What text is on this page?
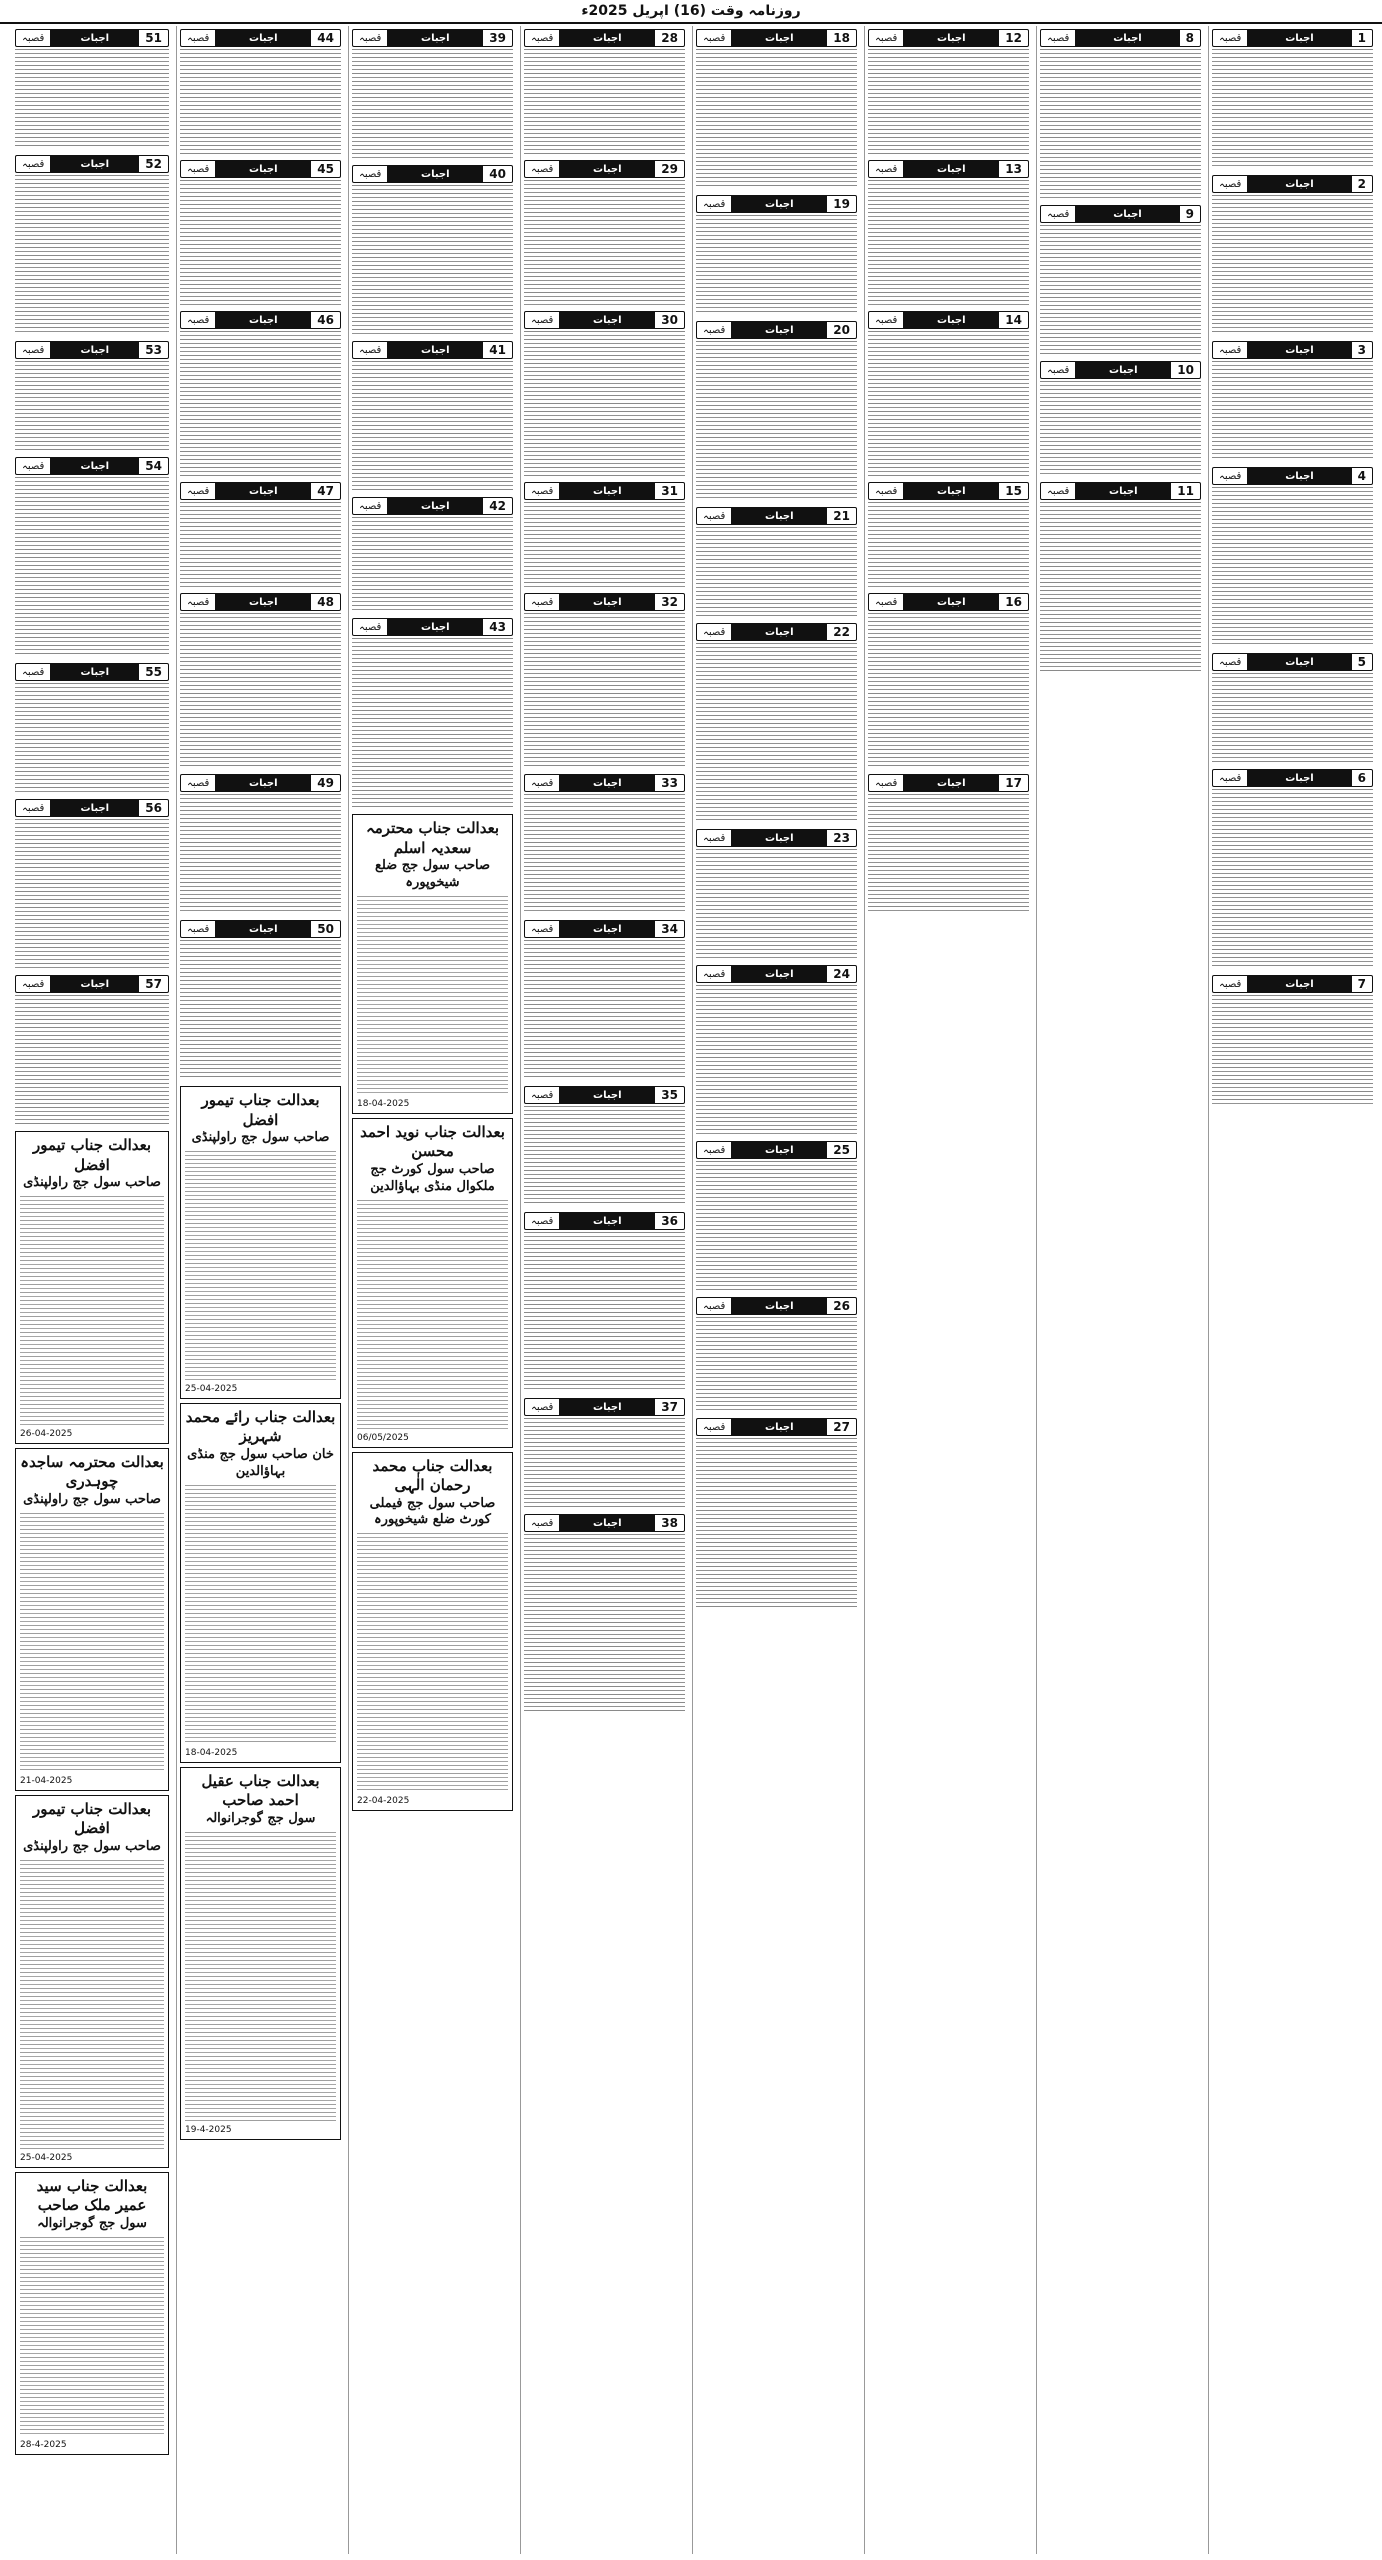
روزنامہ وقت (16) اپریل 2025ء
1
اجبات
قصبہ
2
اجبات
قصبہ
3
اجبات
قصبہ
4
اجبات
قصبہ
5
اجبات
قصبہ
6
اجبات
قصبہ
7
اجبات
قصبہ
8
اجبات
قصبہ
9
اجبات
قصبہ
10
اجبات
قصبہ
11
اجبات
قصبہ
12
اجبات
قصبہ
13
اجبات
قصبہ
14
اجبات
قصبہ
15
اجبات
قصبہ
16
اجبات
قصبہ
17
اجبات
قصبہ
18
اجبات
قصبہ
19
اجبات
قصبہ
20
اجبات
قصبہ
21
اجبات
قصبہ
22
اجبات
قصبہ
23
اجبات
قصبہ
24
اجبات
قصبہ
25
اجبات
قصبہ
26
اجبات
قصبہ
27
اجبات
قصبہ
28
اجبات
قصبہ
29
اجبات
قصبہ
30
اجبات
قصبہ
31
اجبات
قصبہ
32
اجبات
قصبہ
33
اجبات
قصبہ
34
اجبات
قصبہ
35
اجبات
قصبہ
36
اجبات
قصبہ
37
اجبات
قصبہ
38
اجبات
قصبہ
39
اجبات
قصبہ
40
اجبات
قصبہ
41
اجبات
قصبہ
42
اجبات
قصبہ
43
اجبات
قصبہ
بعدالت جناب محترمہ سعدیہ اسلم
صاحب سول جج ضلع شیخوپورہ
18-04-2025
بعدالت جناب نوید احمد محسن
صاحب سول کورٹ جج ملکوال منڈی بہاؤالدین
06/05/2025
بعدالت جناب محمد رحمان الٰہی
صاحب سول جج فیملی کورٹ ضلع شیخوپورہ
22-04-2025
44
اجبات
قصبہ
45
اجبات
قصبہ
46
اجبات
قصبہ
47
اجبات
قصبہ
48
اجبات
قصبہ
49
اجبات
قصبہ
50
اجبات
قصبہ
بعدالت جناب تیمور افضل
صاحب سول جج راولپنڈی
25-04-2025
بعدالت جناب رائے محمد شہریز
خان صاحب سول جج منڈی بہاؤالدین
18-04-2025
بعدالت جناب عقیل احمد صاحب
سول جج گوجرانوالہ
19-4-2025
51
اجبات
قصبہ
52
اجبات
قصبہ
53
اجبات
قصبہ
54
اجبات
قصبہ
55
اجبات
قصبہ
56
اجبات
قصبہ
57
اجبات
قصبہ
بعدالت جناب تیمور افضل
صاحب سول جج راولپنڈی
26-04-2025
بعدالت محترمہ ساجدہ چوہدری
صاحب سول جج راولپنڈی
21-04-2025
بعدالت جناب تیمور افضل
صاحب سول جج راولپنڈی
25-04-2025
بعدالت جناب سید عمیر ملک صاحب
سول جج گوجرانوالہ
28-4-2025
